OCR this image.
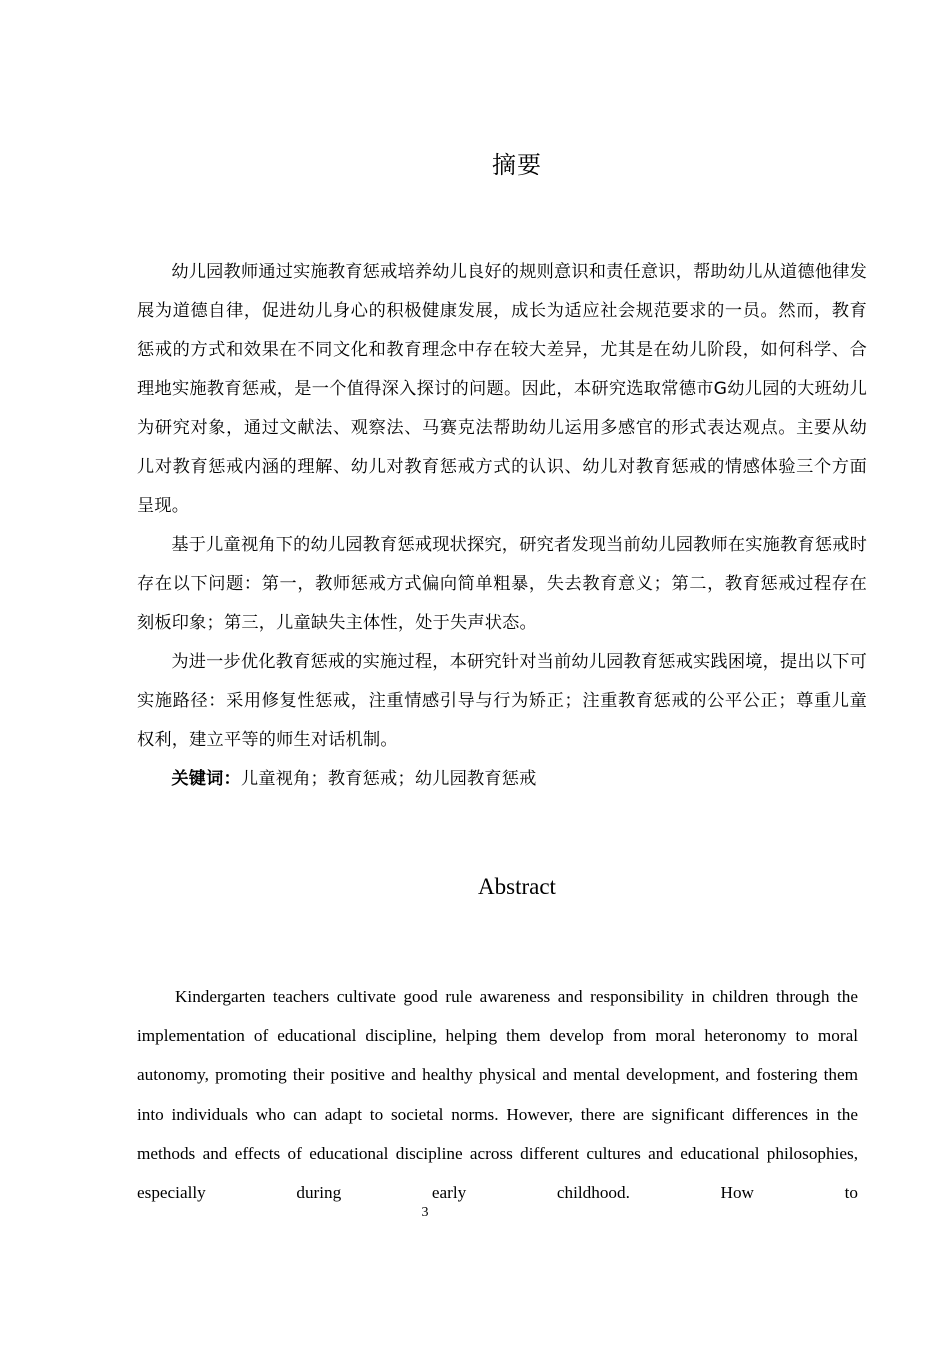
摘要

幼儿园教师通过实施教育惩戒培养幼儿良好的规则意识和责任意识，帮助幼儿从道德他律发展为道德自律，促进幼儿身心的积极健康发展，成长为适应社会规范要求的一员。然而，教育惩戒的方式和效果在不同文化和教育理念中存在较大差异，尤其是在幼儿阶段，如何科学、合理地实施教育惩戒，是一个值得深入探讨的问题。因此，本研究选取常德市G幼儿园的大班幼儿为研究对象，通过文献法、观察法、马赛克法帮助幼儿运用多感官的形式表达观点。主要从幼儿对教育惩戒内涵的理解、幼儿对教育惩戒方式的认识、幼儿对教育惩戒的情感体验三个方面呈现。

基于儿童视角下的幼儿园教育惩戒现状探究，研究者发现当前幼儿园教师在实施教育惩戒时存在以下问题：第一，教师惩戒方式偏向简单粗暴，失去教育意义；第二，教育惩戒过程存在刻板印象；第三，儿童缺失主体性，处于失声状态。

为进一步优化教育惩戒的实施过程，本研究针对当前幼儿园教育惩戒实践困境，提出以下可实施路径：采用修复性惩戒，注重情感引导与行为矫正；注重教育惩戒的公平公正；尊重儿童权利，建立平等的师生对话机制。

关键词：儿童视角；教育惩戒；幼儿园教育惩戒

Abstract

Kindergarten teachers cultivate good rule awareness and responsibility in children through the implementation of educational discipline, helping them develop from moral heteronomy to moral autonomy, promoting their positive and healthy physical and mental development, and fostering them into individuals who can adapt to societal norms. However, there are significant differences in the methods and effects of educational discipline across different cultures and educational philosophies, especially during early childhood. How to

3
